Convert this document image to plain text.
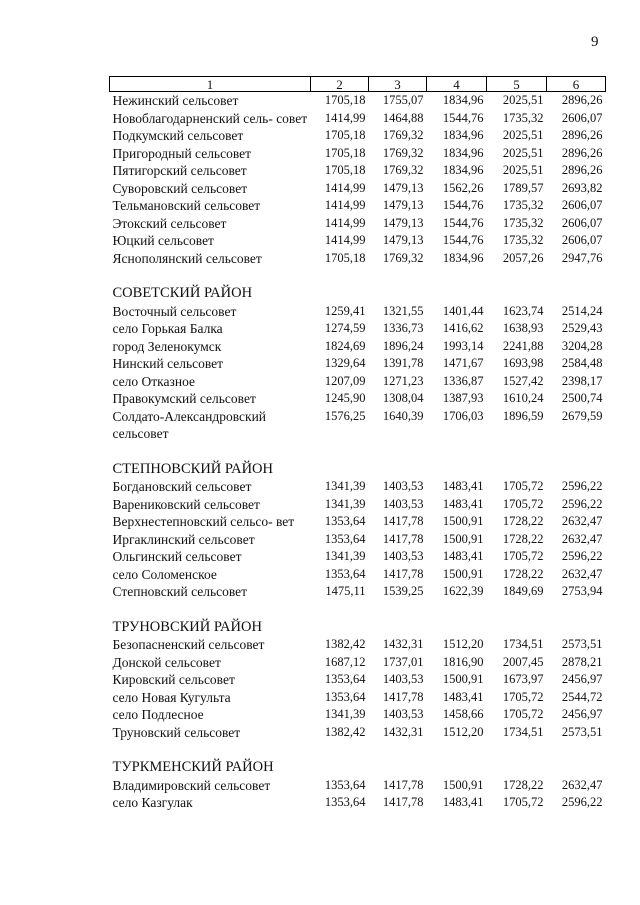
9
1	2	3	4	5	6
Нежинский сельсовет	1705,18	1755,07	1834,96	2025,51	2896,26
Новоблагодарненский сель- совет	1414,99	1464,88	1544,76	1735,32	2606,07
Подкумский сельсовет	1705,18	1769,32	1834,96	2025,51	2896,26
Пригородный сельсовет	1705,18	1769,32	1834,96	2025,51	2896,26
Пятигорский сельсовет	1705,18	1769,32	1834,96	2025,51	2896,26
Суворовский сельсовет	1414,99	1479,13	1562,26	1789,57	2693,82
Тельмановский сельсовет	1414,99	1479,13	1544,76	1735,32	2606,07
Этокский сельсовет	1414,99	1479,13	1544,76	1735,32	2606,07
Юцкий сельсовет	1414,99	1479,13	1544,76	1735,32	2606,07
Яснополянский сельсовет	1705,18	1769,32	1834,96	2057,26	2947,76

СОВЕТСКИЙ РАЙОН					
Восточный сельсовет	1259,41	1321,55	1401,44	1623,74	2514,24
село Горькая Балка	1274,59	1336,73	1416,62	1638,93	2529,43
город Зеленокумск	1824,69	1896,24	1993,14	2241,88	3204,28
Нинский сельсовет	1329,64	1391,78	1471,67	1693,98	2584,48
село Отказное	1207,09	1271,23	1336,87	1527,42	2398,17
Правокумский сельсовет	1245,90	1308,04	1387,93	1610,24	2500,74
Солдато-Александровский сельсовет	1576,25	1640,39	1706,03	1896,59	2679,59

СТЕПНОВСКИЙ РАЙОН					
Богдановский сельсовет	1341,39	1403,53	1483,41	1705,72	2596,22
Варениковский сельсовет	1341,39	1403,53	1483,41	1705,72	2596,22
Верхнестепновский сельсо- вет	1353,64	1417,78	1500,91	1728,22	2632,47
Иргаклинский сельсовет	1353,64	1417,78	1500,91	1728,22	2632,47
Ольгинский сельсовет	1341,39	1403,53	1483,41	1705,72	2596,22
село Соломенское	1353,64	1417,78	1500,91	1728,22	2632,47
Степновский сельсовет	1475,11	1539,25	1622,39	1849,69	2753,94

ТРУНОВСКИЙ РАЙОН					
Безопасненский сельсовет	1382,42	1432,31	1512,20	1734,51	2573,51
Донской сельсовет	1687,12	1737,01	1816,90	2007,45	2878,21
Кировский сельсовет	1353,64	1403,53	1500,91	1673,97	2456,97
село Новая Кугульта	1353,64	1417,78	1483,41	1705,72	2544,72
село Подлесное	1341,39	1403,53	1458,66	1705,72	2456,97
Труновский сельсовет	1382,42	1432,31	1512,20	1734,51	2573,51

ТУРКМЕНСКИЙ РАЙОН					
Владимировский сельсовет	1353,64	1417,78	1500,91	1728,22	2632,47
село Казгулак	1353,64	1417,78	1483,41	1705,72	2596,22
